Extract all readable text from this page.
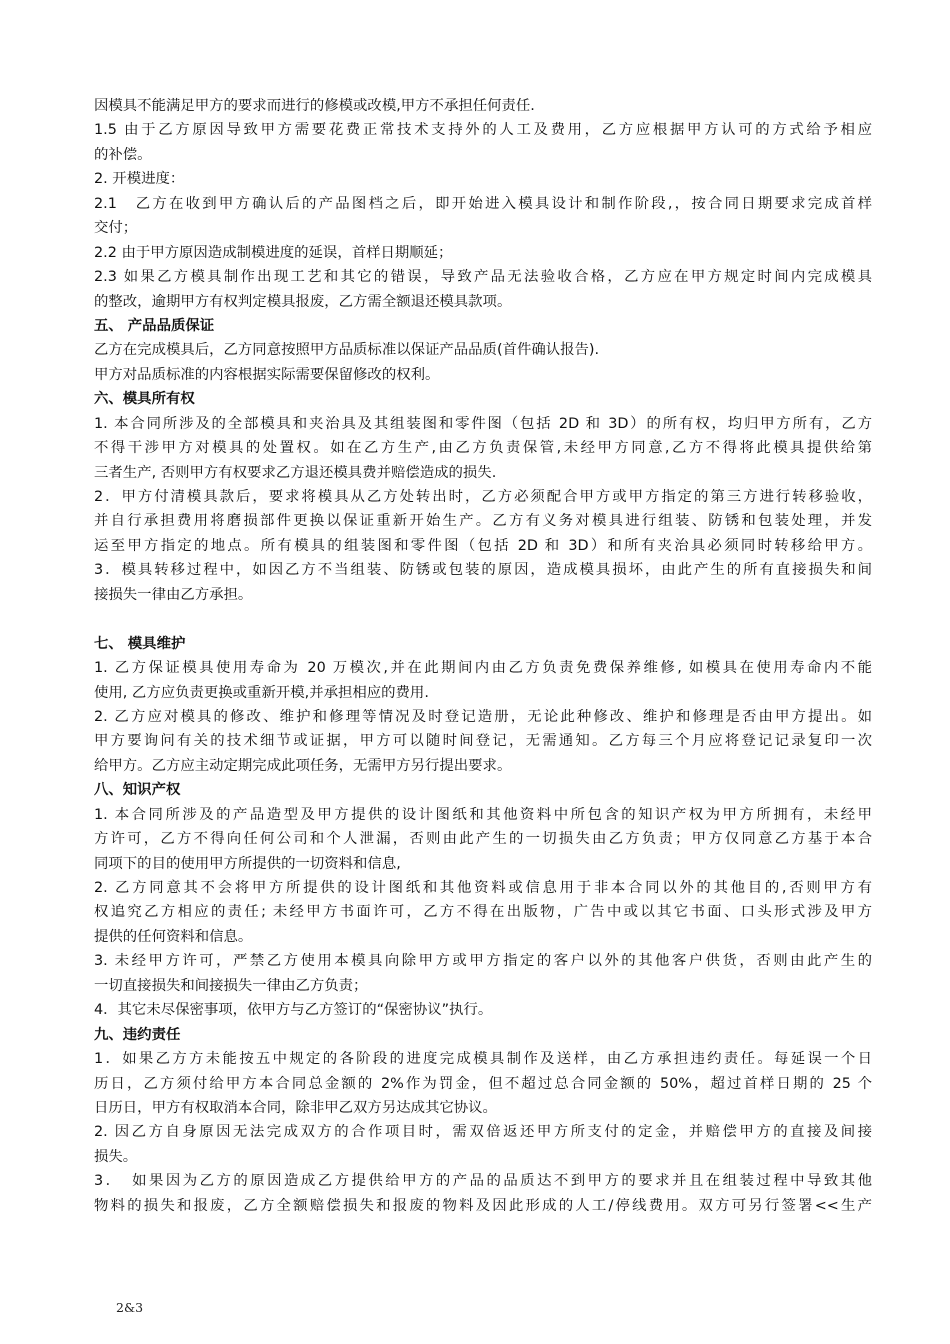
因模具不能满足甲方的要求而进行的修模或改模,甲方不承担任何责任.
1.5 由于乙方原因导致甲方需要花费正常技术支持外的人工及费用，乙方应根据甲方认可的方式给予相应
的补偿。
2. 开模进度：
2.1　乙方在收到甲方确认后的产品图档之后，即开始进入模具设计和制作阶段,，按合同日期要求完成首样
交付；
2.2 由于甲方原因造成制模进度的延误，首样日期顺延；
2.3 如果乙方模具制作出现工艺和其它的错误，导致产品无法验收合格，乙方应在甲方规定时间内完成模具
的整改，逾期甲方有权判定模具报废，乙方需全额退还模具款项。
五、 产品品质保证
乙方在完成模具后，乙方同意按照甲方品质标准以保证产品品质(首件确认报告).
甲方对品质标准的内容根据实际需要保留修改的权利。
六、模具所有权
1. 本合同所涉及的全部模具和夹治具及其组装图和零件图（包括 2D 和 3D）的所有权，均归甲方所有，乙方
不得干涉甲方对模具的处置权。如在乙方生产,由乙方负责保管,未经甲方同意,乙方不得将此模具提供给第
三者生产, 否则甲方有权要求乙方退还模具费并赔偿造成的损失.
2．甲方付清模具款后，要求将模具从乙方处转出时，乙方必须配合甲方或甲方指定的第三方进行转移验收，
并自行承担费用将磨损部件更换以保证重新开始生产。乙方有义务对模具进行组装、防锈和包装处理，并发
运至甲方指定的地点。所有模具的组装图和零件图（包括 2D 和 3D）和所有夹治具必须同时转移给甲方。
3．模具转移过程中，如因乙方不当组装、防锈或包装的原因，造成模具损坏，由此产生的所有直接损失和间
接损失一律由乙方承担。
七、 模具维护
1. 乙方保证模具使用寿命为 20 万模次,并在此期间内由乙方负责免费保养维修, 如模具在使用寿命内不能
使用, 乙方应负责更换或重新开模,并承担相应的费用.
2. 乙方应对模具的修改、维护和修理等情况及时登记造册，无论此种修改、维护和修理是否由甲方提出。如
甲方要询问有关的技术细节或证据，甲方可以随时间登记，无需通知。乙方每三个月应将登记记录复印一次
给甲方。乙方应主动定期完成此项任务，无需甲方另行提出要求。
八、知识产权
1. 本合同所涉及的产品造型及甲方提供的设计图纸和其他资料中所包含的知识产权为甲方所拥有，未经甲
方许可，乙方不得向任何公司和个人泄漏，否则由此产生的一切损失由乙方负责；甲方仅同意乙方基于本合
同项下的目的使用甲方所提供的一切资料和信息,
2. 乙方同意其不会将甲方所提供的设计图纸和其他资料或信息用于非本合同以外的其他目的,否则甲方有
权追究乙方相应的责任; 未经甲方书面许可，乙方不得在出版物，广告中或以其它书面、口头形式涉及甲方
提供的任何资料和信息。
3. 未经甲方许可，严禁乙方使用本模具向除甲方或甲方指定的客户以外的其他客户供货，否则由此产生的
一切直接损失和间接损失一律由乙方负责；
4．其它未尽保密事项，依甲方与乙方签订的“保密协议”执行。
九、违约责任
1．如果乙方方未能按五中规定的各阶段的进度完成模具制作及送样，由乙方承担违约责任。每延误一个日
历日，乙方须付给甲方本合同总金额的 2%作为罚金，但不超过总合同金额的 50%，超过首样日期的 25 个
日历日，甲方有权取消本合同，除非甲乙双方另达成其它协议。
2. 因乙方自身原因无法完成双方的合作项目时，需双倍返还甲方所支付的定金，并赔偿甲方的直接及间接
损失。
3．　如果因为乙方的原因造成乙方提供给甲方的产品的品质达不到甲方的要求并且在组装过程中导致其他
物料的损失和报废，乙方全额赔偿损失和报废的物料及因此形成的人工/停线费用。双方可另行签署<<生产
2&3
